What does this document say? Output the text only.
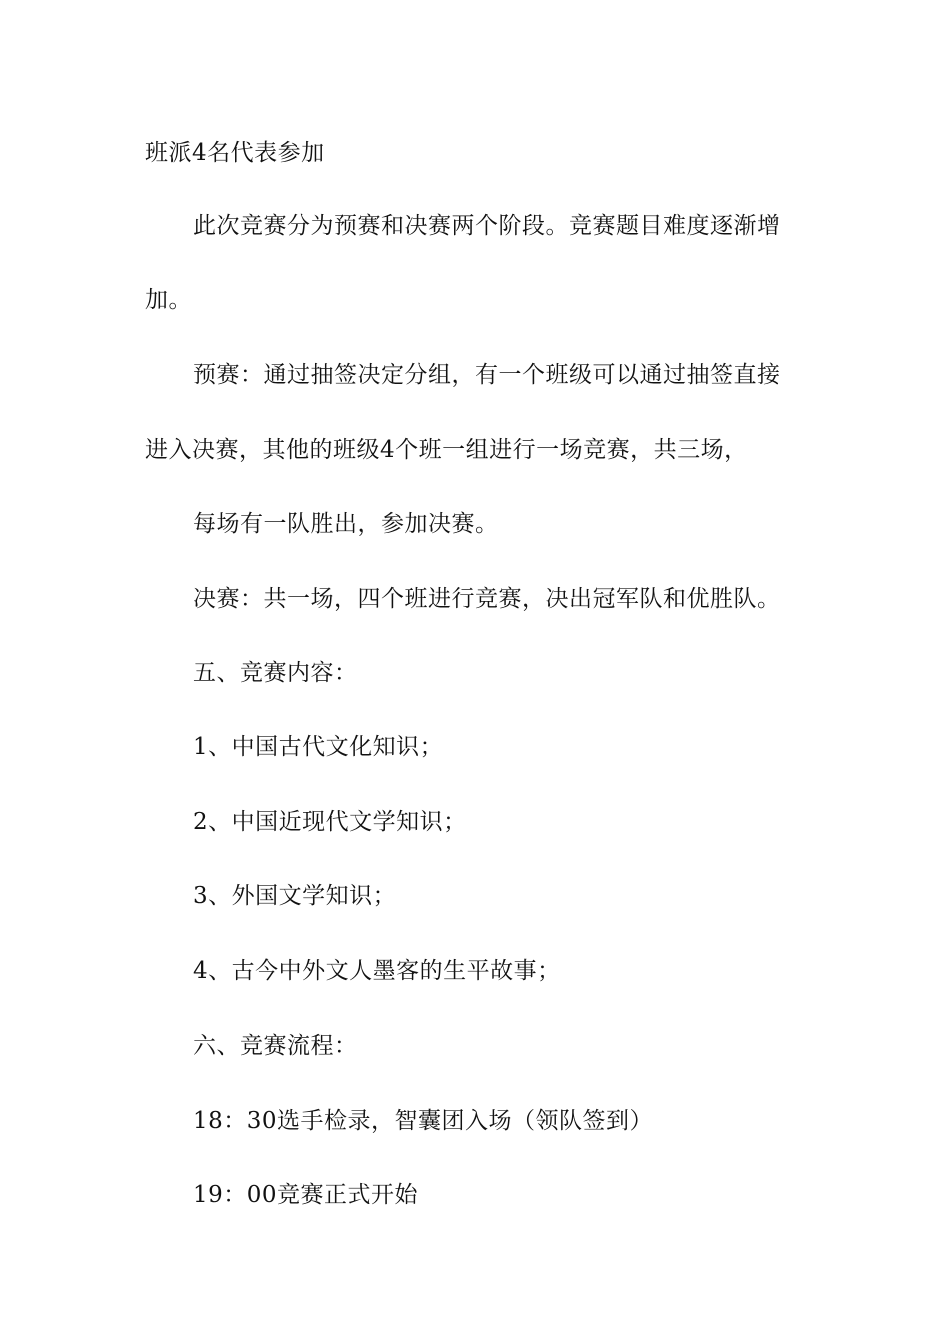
班派4名代表参加
此次竞赛分为预赛和决赛两个阶段。竞赛题目难度逐渐增
加。
预赛：通过抽签决定分组，有一个班级可以通过抽签直接
进入决赛，其他的班级4个班一组进行一场竞赛，共三场，
每场有一队胜出，参加决赛。
决赛：共一场，四个班进行竞赛，决出冠军队和优胜队。
五、竞赛内容：
1、中国古代文化知识；
2、中国近现代文学知识；
3、外国文学知识；
4、古今中外文人墨客的生平故事；
六、竞赛流程：
18：30选手检录，智囊团入场（领队签到）
19：00竞赛正式开始
